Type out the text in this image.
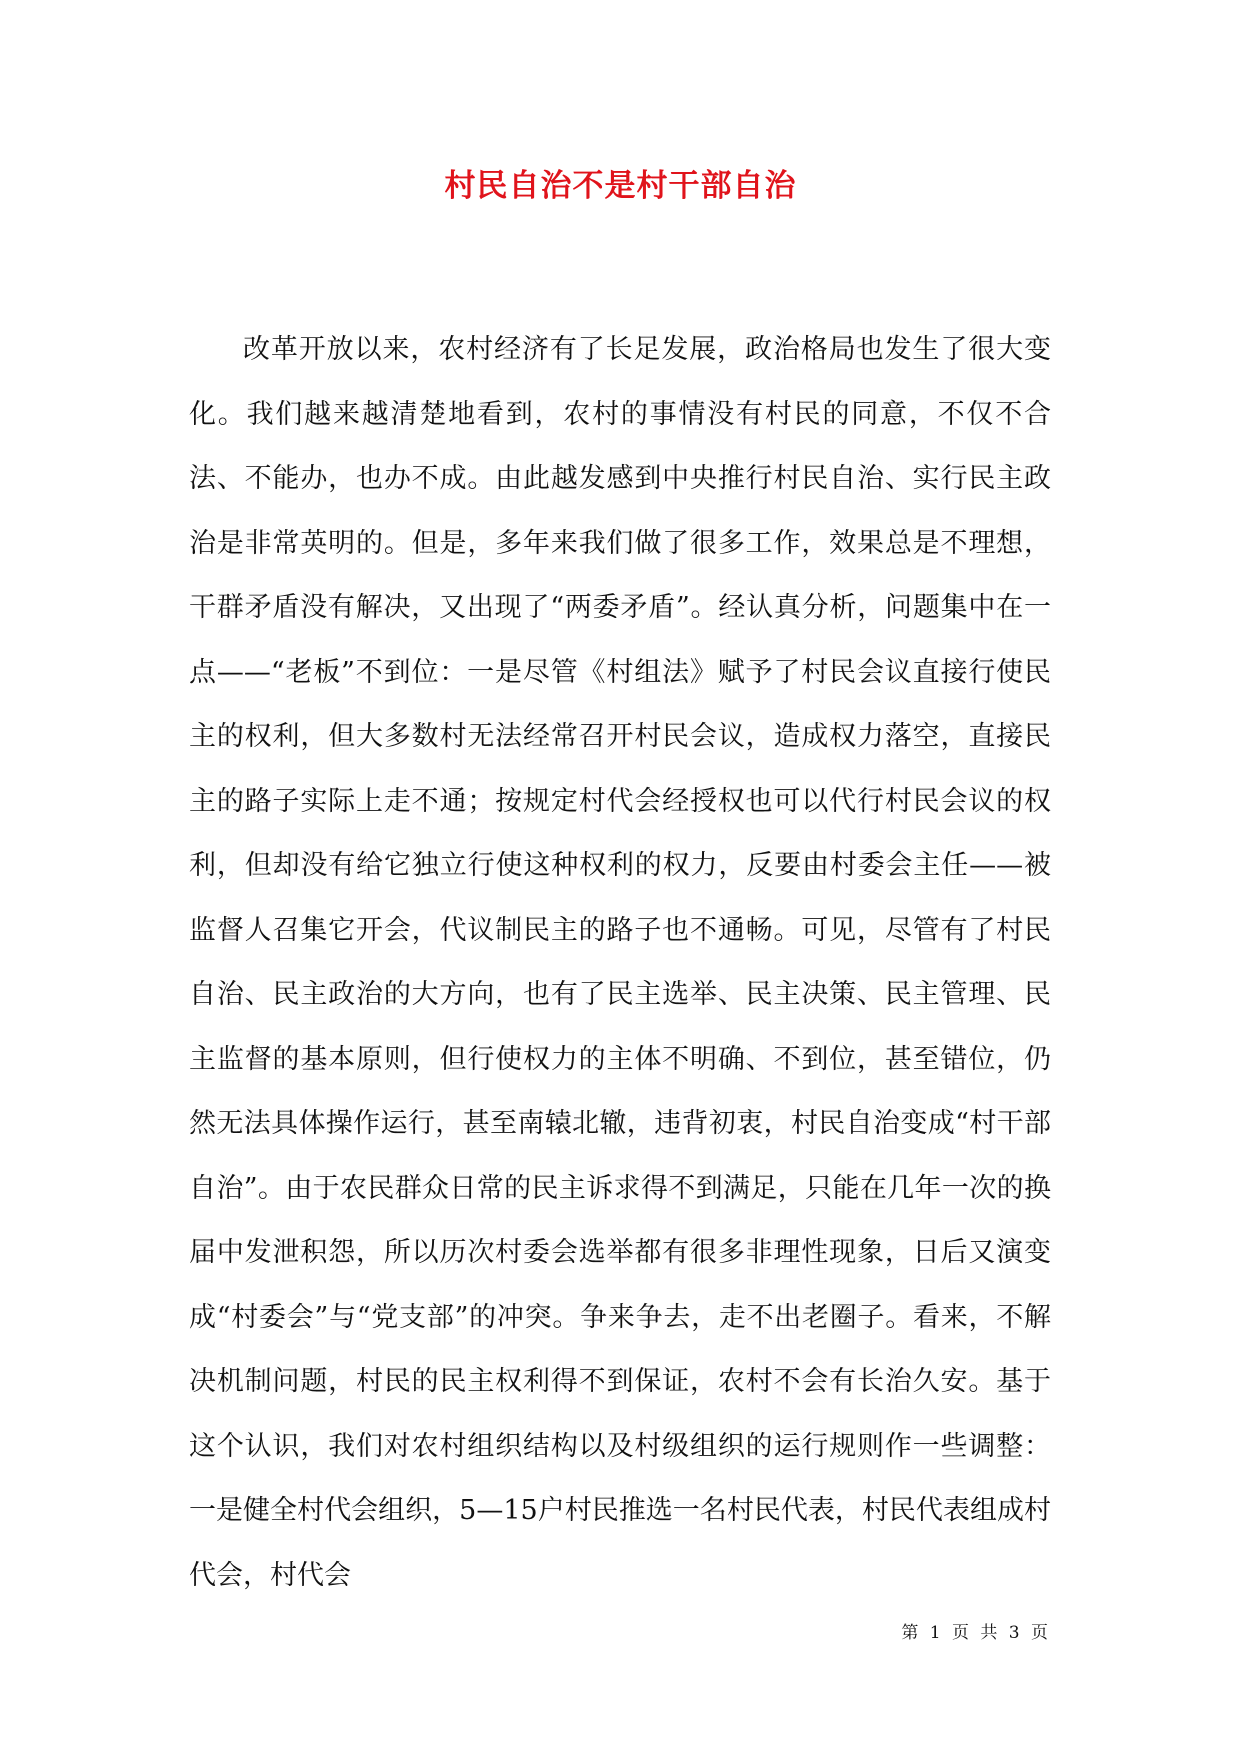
村民自治不是村干部自治

改革开放以来，农村经济有了长足发展，政治格局也发生了很大变化。我们越来越清楚地看到，农村的事情没有村民的同意，不仅不合法、不能办，也办不成。由此越发感到中央推行村民自治、实行民主政治是非常英明的。但是，多年来我们做了很多工作，效果总是不理想，干群矛盾没有解决，又出现了“两委矛盾”。经认真分析，问题集中在一点——“老板”不到位：一是尽管《村组法》赋予了村民会议直接行使民主的权利，但大多数村无法经常召开村民会议，造成权力落空，直接民主的路子实际上走不通；按规定村代会经授权也可以代行村民会议的权利，但却没有给它独立行使这种权利的权力，反要由村委会主任——被监督人召集它开会，代议制民主的路子也不通畅。可见，尽管有了村民自治、民主政治的大方向，也有了民主选举、民主决策、民主管理、民主监督的基本原则，但行使权力的主体不明确、不到位，甚至错位，仍然无法具体操作运行，甚至南辕北辙，违背初衷，村民自治变成“村干部自治”。由于农民群众日常的民主诉求得不到满足，只能在几年一次的换届中发泄积怨，所以历次村委会选举都有很多非理性现象，日后又演变成“村委会”与“党支部”的冲突。争来争去，走不出老圈子。看来，不解决机制问题，村民的民主权利得不到保证，农村不会有长治久安。基于这个认识，我们对农村组织结构以及村级组织的运行规则作一些调整：一是健全村代会组织，5—15户村民推选一名村民代表，村民代表组成村代会，村代会

第 1 页 共 3 页
